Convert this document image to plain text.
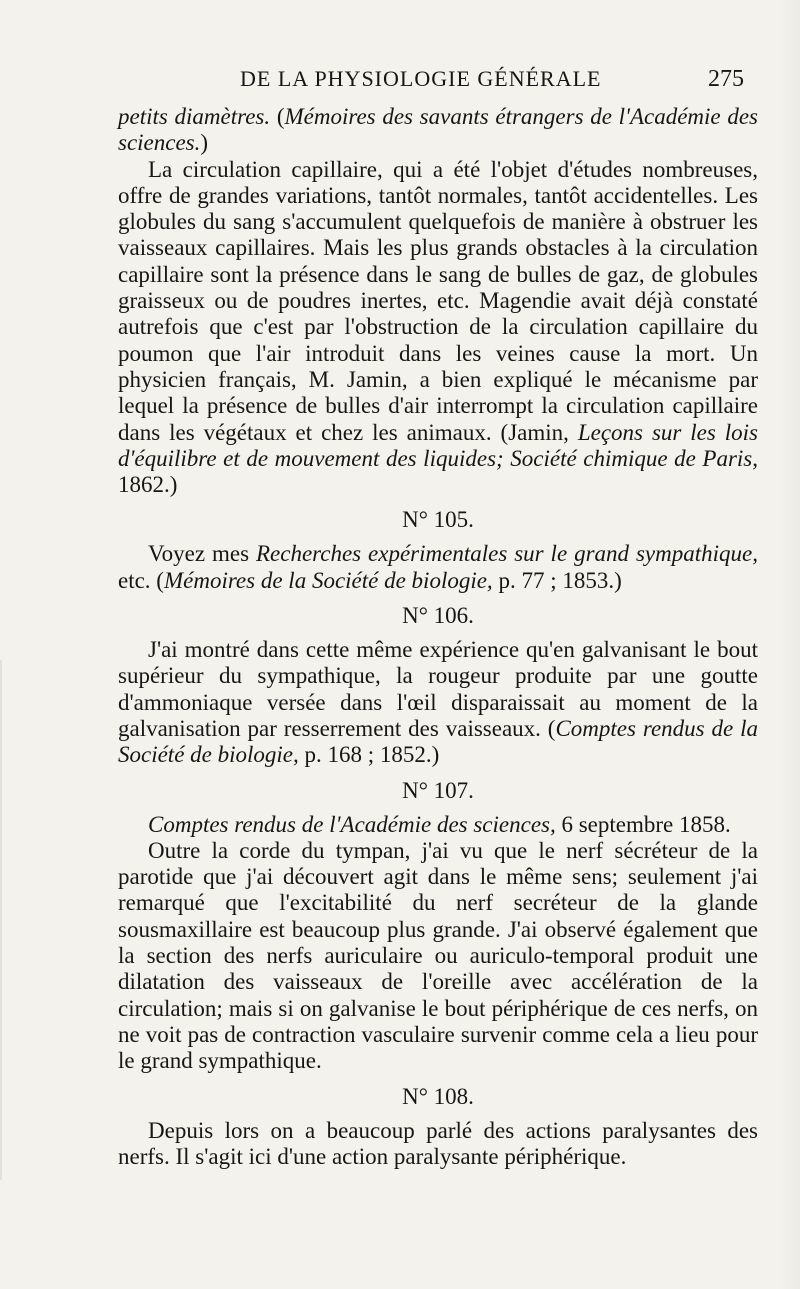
DE LA PHYSIOLOGIE GÉNÉRALE	275

petits diamètres. (Mémoires des savants étrangers de l'Académie des sciences.)

La circulation capillaire, qui a été l'objet d'études nombreuses, offre de grandes variations, tantôt normales, tantôt accidentelles. Les globules du sang s'accumulent quelquefois de manière à obstruer les vaisseaux capillaires. Mais les plus grands obstacles à la circulation capillaire sont la présence dans le sang de bulles de gaz, de globules graisseux ou de poudres inertes, etc. Magendie avait déjà constaté autrefois que c'est par l'obstruction de la circulation capillaire du poumon que l'air introduit dans les veines cause la mort. Un physicien français, M. Jamin, a bien expliqué le mécanisme par lequel la présence de bulles d'air interrompt la circulation capillaire dans les végétaux et chez les animaux. (Jamin, Leçons sur les lois d'équilibre et de mouvement des liquides; Société chimique de Paris, 1862.)

N° 105.

Voyez mes Recherches expérimentales sur le grand sympathique, etc. (Mémoires de la Société de biologie, p. 77 ; 1853.)

N° 106.

J'ai montré dans cette même expérience qu'en galvanisant le bout supérieur du sympathique, la rougeur produite par une goutte d'ammoniaque versée dans l'œil disparaissait au moment de la galvanisation par resserrement des vaisseaux. (Comptes rendus de la Société de biologie, p. 168 ; 1852.)

N° 107.

Comptes rendus de l'Académie des sciences, 6 septembre 1858.

Outre la corde du tympan, j'ai vu que le nerf sécréteur de la parotide que j'ai découvert agit dans le même sens; seulement j'ai remarqué que l'excitabilité du nerf secréteur de la glande sousmaxillaire est beaucoup plus grande. J'ai observé également que la section des nerfs auriculaire ou auriculo-temporal produit une dilatation des vaisseaux de l'oreille avec accélération de la circulation; mais si on galvanise le bout périphérique de ces nerfs, on ne voit pas de contraction vasculaire survenir comme cela a lieu pour le grand sympathique.

N° 108.

Depuis lors on a beaucoup parlé des actions paralysantes des nerfs. Il s'agit ici d'une action paralysante périphérique.
